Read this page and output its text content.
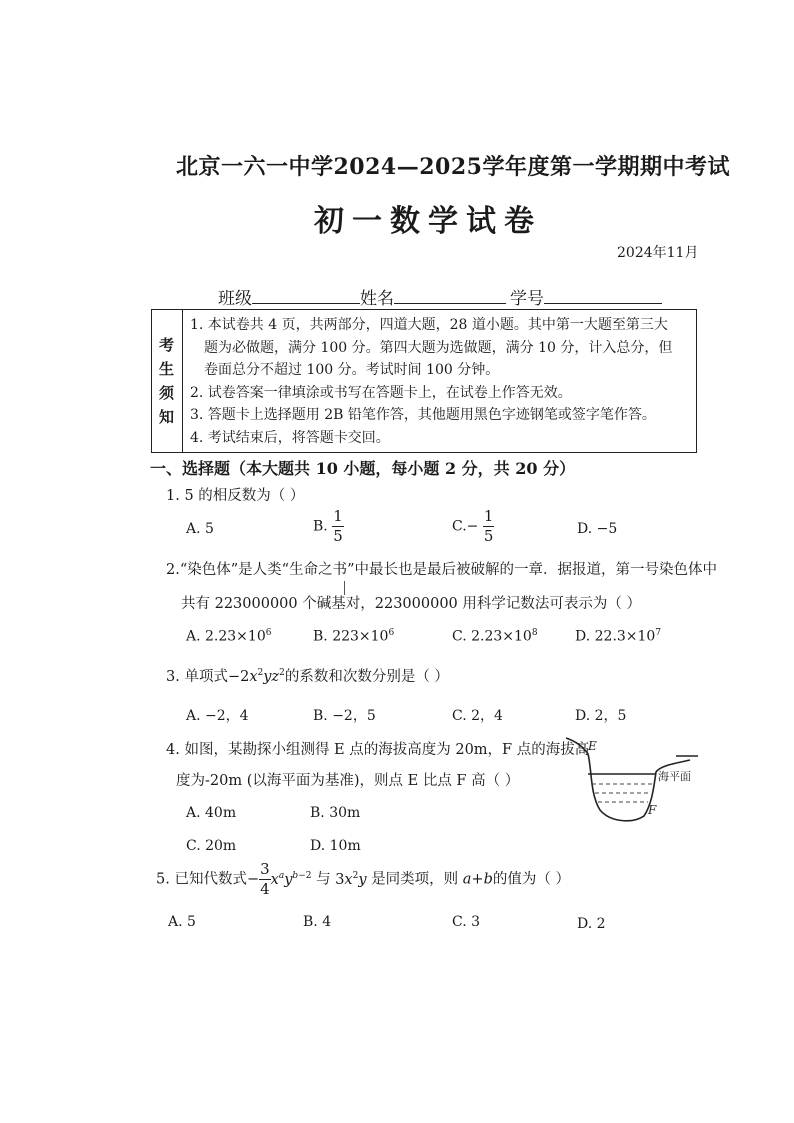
北京一六一中学2024—2025学年度第一学期期中考试
初一数学试卷
2024年11月
班级	姓名	学号
考
生
须
知
1. 本试卷共 4 页，共两部分，四道大题，28 道小题。其中第一大题至第三大
题为必做题，满分 100 分。第四大题为选做题，满分 10 分，计入总分，但
卷面总分不超过 100 分。考试时间 100 分钟。
2. 试卷答案一律填涂或书写在答题卡上，在试卷上作答无效。
3. 答题卡上选择题用 2B 铅笔作答，其他题用黑色字迹钢笔或签字笔作答。
4. 考试结束后，将答题卡交回。
一、选择题（本大题共 10 小题，每小题 2 分，共 20 分）
1. 5 的相反数为（ ）
A. 5	B. $\frac{1}{5}$	$C.- \frac{1}{5}$	D. −5
2.“染色体”是人类“生命之书”中最长也是最后被破解的一章．据报道，第一号染色体中
共有 223000000 个碱基对，223000000 用科学记数法可表示为（ ）
A. $2.23\times 10^6$	B. $223\times 10^6$	C. $2.23\times 10^8$	D. $22.3\times 10^7$
3. 单项式$-2x^2yz^2$的系数和次数分别是（ ）
A. −2，4	B. −2，5	C. 2，4	D. 2，5
4. 如图，某勘探小组测得 E 点的海拔高度为 20m，F 点的海拔高
度为-20m (以海平面为基准)，则点 E 比点 F 高（ ）
A. 40m	B. 30m
C. 20m	D. 10m
E
F
海平面
5. 已知代数式− $\frac{3}{4} x^ay^{b-2}$ 与 $3x^2y$ 是同类项，则 a+b的值为（ ）
A. 5	B. 4	C. 3	D. 2
